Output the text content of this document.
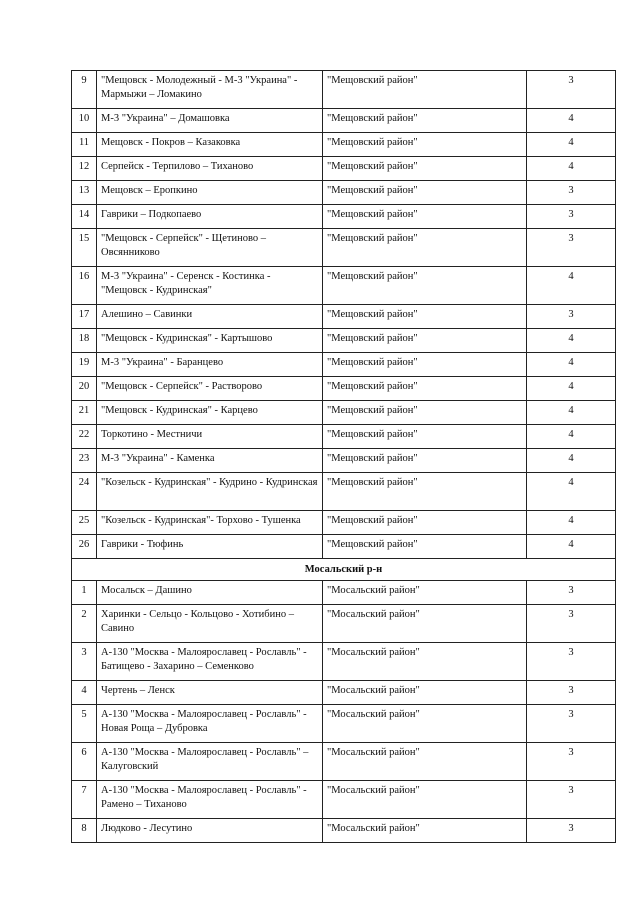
9	"Мещовск - Молодежный - М-3 "Украина" - Мармыжи – Ломакино	"Мещовский район"	3
10	М-3 "Украина" – Домашовка	"Мещовский район"	4
11	Мещовск - Покров – Казаковка	"Мещовский район"	4
12	Серпейск - Терпилово – Тиханово	"Мещовский район"	4
13	Мещовск – Еропкино	"Мещовский район"	3
14	Гаврики – Подкопаево	"Мещовский район"	3
15	"Мещовск - Серпейск" - Щетиново – Овсянниково	"Мещовский район"	3
16	М-3 "Украина" - Серенск - Костинка - "Мещовск - Кудринская"	"Мещовский район"	4
17	Алешино – Савинки	"Мещовский район"	3
18	"Мещовск - Кудринская" - Картышово	"Мещовский район"	4
19	М-3 "Украина" - Баранцево	"Мещовский район"	4
20	"Мещовск - Серпейск" - Растворово	"Мещовский район"	4
21	"Мещовск - Кудринская" - Карцево	"Мещовский район"	4
22	Торкотино - Местничи	"Мещовский район"	4
23	М-3 "Украина" - Каменка	"Мещовский район"	4
24	"Козельск - Кудринская" - Кудрино - Кудринская	"Мещовский район"	4
25	"Козельск - Кудринская"- Торхово - Тушенка	"Мещовский район"	4
26	Гаврики - Тюфинь	"Мещовский район"	4
Мосальский р-н			
1	Мосальск – Дашино	"Мосальский район"	3
2	Харинки - Сельцо - Кольцово - Хотибино – Савино	"Мосальский район"	3
3	А-130 "Москва - Малоярославец - Рославль" - Батищево - Захарино – Семенково	"Мосальский район"	3
4	Чертень – Ленск	"Мосальский район"	3
5	А-130 "Москва - Малоярославец - Рославль" - Новая Роща – Дубровка	"Мосальский район"	3
6	А-130 "Москва - Малоярославец - Рославль" – Калуговский	"Мосальский район"	3
7	А-130 "Москва - Малоярославец - Рославль" - Рамено – Тиханово	"Мосальский район"	3
8	Людково - Лесутино	"Мосальский район"	3
